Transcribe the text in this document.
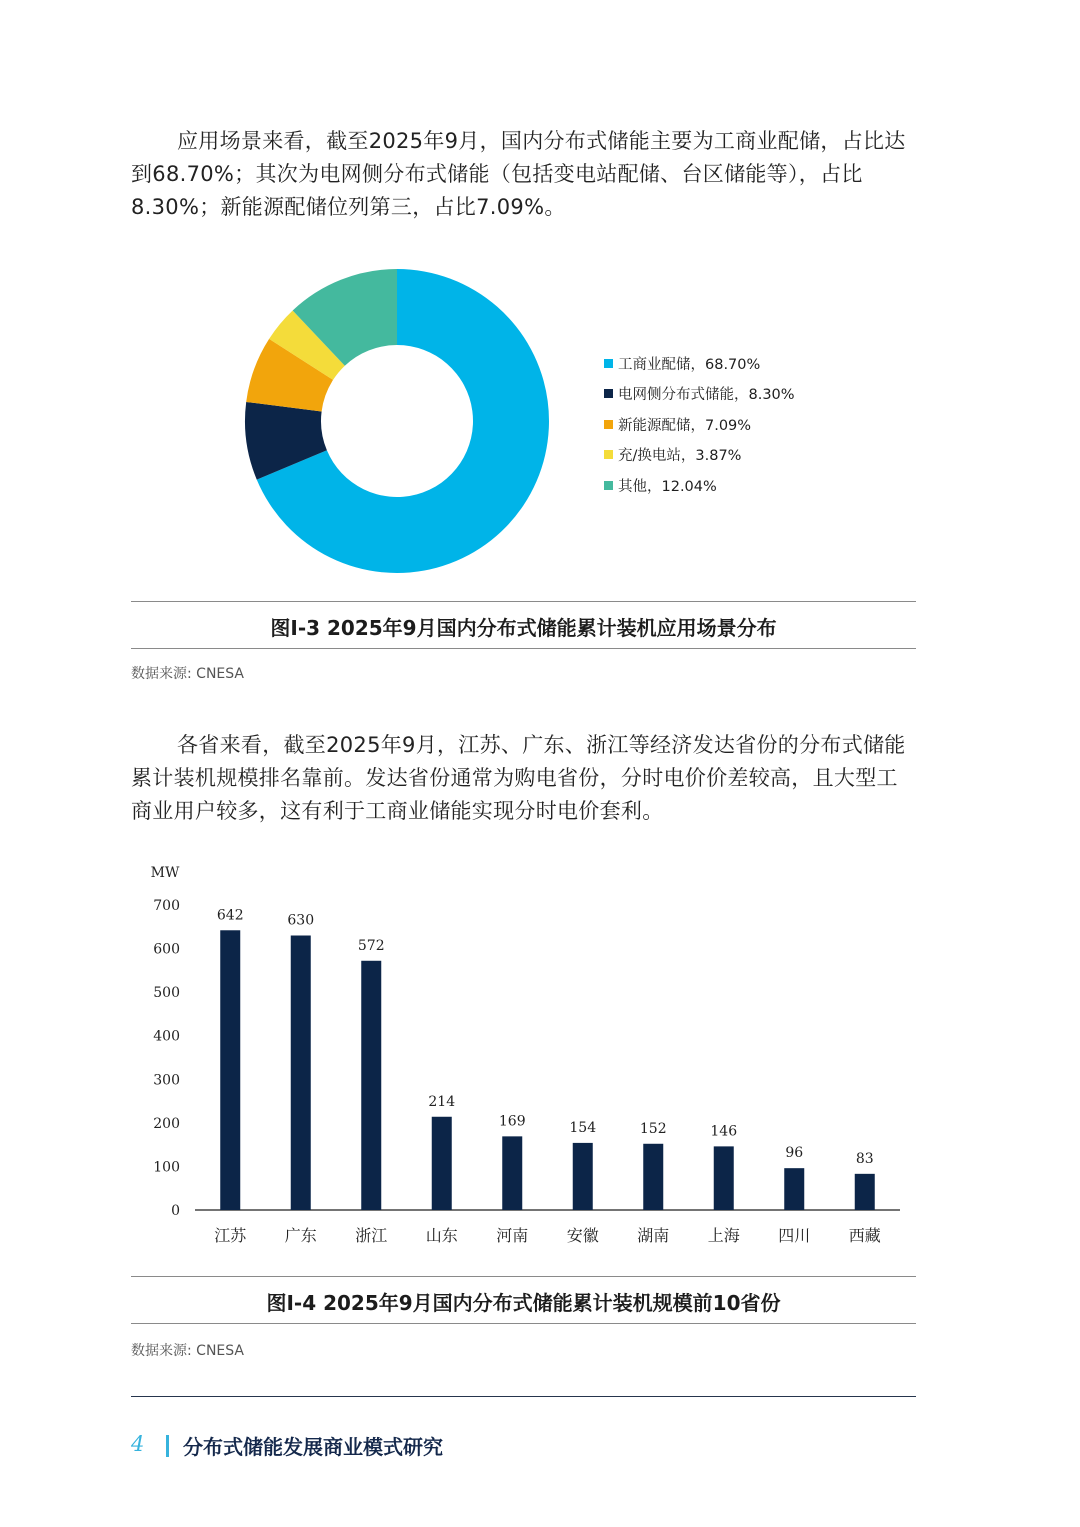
应用场景来看，截至2025年9月，国内分布式储能主要为工商业配储，占比达到68.70%；其次为电网侧分布式储能（包括变电站配储、台区储能等），占比8.30%；新能源配储位列第三，占比7.09%。

工商业配储，68.70%
电网侧分布式储能，8.30%
新能源配储，7.09%
充/换电站，3.87%
其他，12.04%

图I-3 2025年9月国内分布式储能累计装机应用场景分布

数据来源: CNESA

各省来看，截至2025年9月，江苏、广东、浙江等经济发达省份的分布式储能累计装机规模排名靠前。发达省份通常为购电省份，分时电价价差较高，且大型工商业用户较多，这有利于工商业储能实现分时电价套利。

MW
0
100
200
300
400
500
600
700
642
江苏
630
广东
572
浙江
214
山东
169
河南
154
安徽
152
湖南
146
上海
96
四川
83
西藏

图I-4 2025年9月国内分布式储能累计装机规模前10省份

数据来源: CNESA
4 分布式储能发展商业模式研究
